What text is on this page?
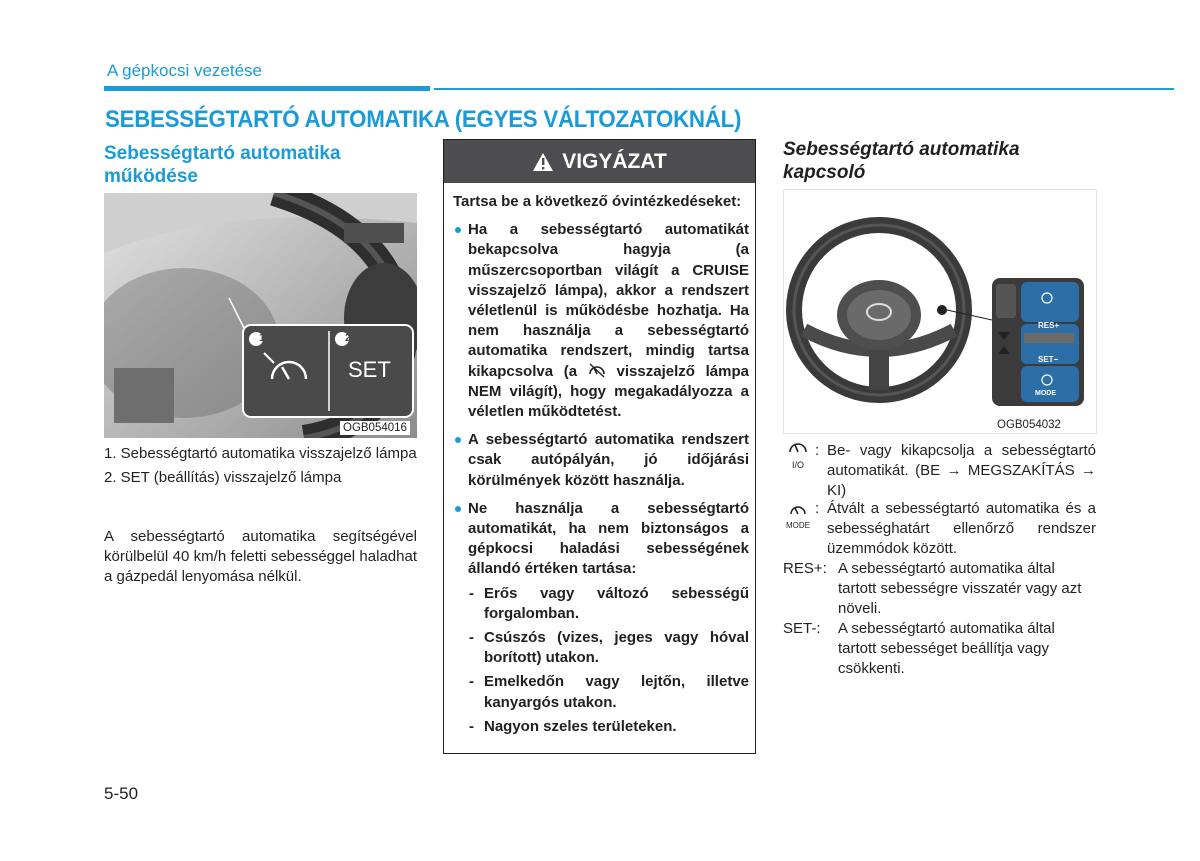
A gépkocsi vezetése
SEBESSÉGTARTÓ AUTOMATIKA (EGYES VÁLTOZATOKNÁL)
Sebességtartó automatika működése
1	2
SET
OGB054016
1. Sebességtartó automatika visszajelző lámpa
2. SET (beállítás) visszajelző lámpa
A sebességtartó automatika segítségével körülbelül 40 km/h feletti sebességgel haladhat a gázpedál lenyomása nélkül.
VIGYÁZAT

Tartsa be a következő óvintézkedéseket:

Ha a sebességtartó automatikát bekapcsolva hagyja (a műszercsoportban világít a CRUISE visszajelző lámpa), akkor a rendszert véletlenül is működésbe hozhatja. Ha nem használja a sebességtartó automatika rendszert, mindig tartsa kikapcsolva (a	visszajelző lámpa NEM világít), hogy megakadályozza a véletlen működtetést.

A sebességtartó automatika rendszert csak autópályán, jó időjárási körülmények között használja.

Ne használja a sebességtartó automatikát, ha nem biztonságos a gépkocsi haladási sebességének állandó értéken tartása:

- Erős vagy változó sebességű forgalomban.

- Csúszós (vizes, jeges vagy hóval borított) utakon.

- Emelkedőn vagy lejtőn, illetve kanyargós utakon.

- Nagyon szeles területeken.

Sebességtartó automatika kapcsoló
RES+
SET−
MODE
OGB054032
I/O
: Be- vagy kikapcsolja a sebességtartó automatikát. (BE → MEGSZAKÍTÁS → KI)
MODE
: Átvált a sebességtartó automatika és a sebességhatárt ellenőrző rendszer üzemmódok között.
RES+: A sebességtartó automatika által tartott sebességre visszatér vagy azt növeli.
SET-: A sebességtartó automatika által tartott sebességet beállítja vagy csökkenti.
5-50
